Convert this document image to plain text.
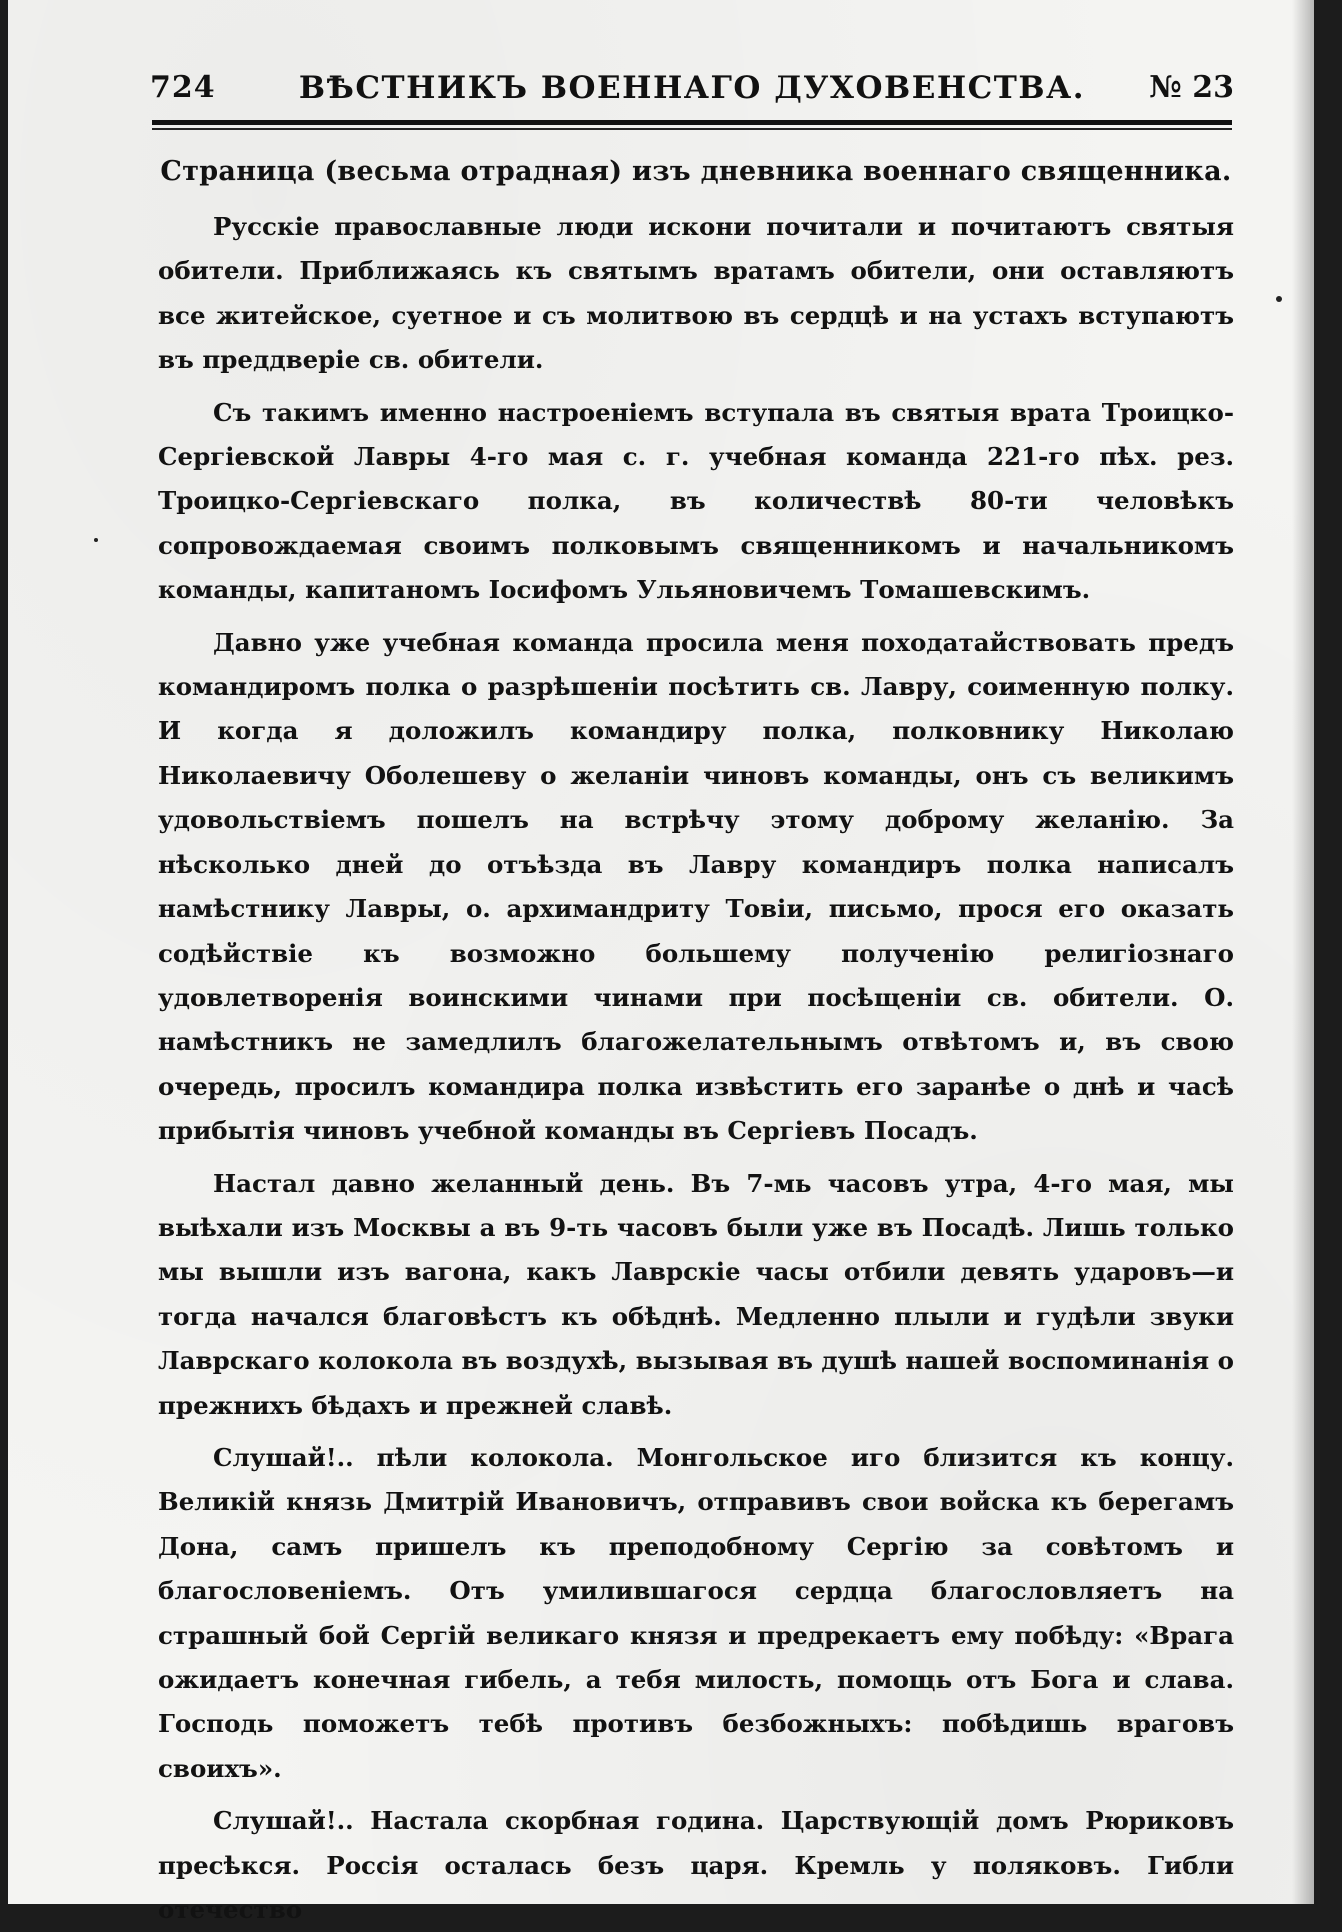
724	ВѢСТНИКЪ ВОЕННАГО ДУХОВЕНСТВА.	№ 23
Страница (весьма отрадная) изъ дневника военнаго священника.

Русскіе православные люди искони почитали и почитаютъ святыя обители. Приближаясь къ святымъ вратамъ обители, они оставляютъ все житейское, суетное и съ молитвою въ сердцѣ и на устахъ вступаютъ въ преддверіе св. обители.

Съ такимъ именно настроеніемъ вступала въ святыя врата Троицко-Сергіевской Лавры 4-го мая с. г. учебная команда 221-го пѣх. рез. Троицко-Сергіевскаго полка, въ количествѣ 80-ти человѣкъ сопровождаемая своимъ полковымъ священникомъ и начальникомъ команды, капитаномъ Іосифомъ Ульяновичемъ Томашевскимъ.

Давно уже учебная команда просила меня походатайствовать предъ командиромъ полка о разрѣшеніи посѣтить св. Лавру, соименную полку. И когда я доложилъ командиру полка, полковнику Николаю Николаевичу Оболешеву о желаніи чиновъ команды, онъ съ великимъ удовольствіемъ пошелъ на встрѣчу этому доброму желанію. За нѣсколько дней до отъѣзда въ Лавру командиръ полка написалъ намѣстнику Лавры, о. архимандриту Товіи, письмо, прося его оказать содѣйствіе къ возможно большему полученію религіознаго удовлетворенія воинскими чинами при посѣщеніи св. обители. О. намѣстникъ не замедлилъ благожелательнымъ отвѣтомъ и, въ свою очередь, просилъ командира полка извѣстить его заранѣе о днѣ и часѣ прибытія чиновъ учебной команды въ Сергіевъ Посадъ.

Настал давно желанный день. Въ 7-мь часовъ утра, 4-го мая, мы выѣхали изъ Москвы а въ 9-ть часовъ были уже въ Посадѣ. Лишь только мы вышли изъ вагона, какъ Лаврскіе часы отбили девять ударовъ—и тогда начался благовѣстъ къ обѣднѣ. Медленно плыли и гудѣли звуки Лаврскаго колокола въ воздухѣ, вызывая въ душѣ нашей воспоминанія о прежнихъ бѣдахъ и прежней славѣ.

Слушай!.. пѣли колокола. Монгольское иго близится къ концу. Великій князь Дмитрій Ивановичъ, отправивъ свои войска къ берегамъ Дона, самъ пришелъ къ преподобному Сергію за совѣтомъ и благословеніемъ. Отъ умилившагося сердца благословляетъ на страшный бой Сергій великаго князя и предрекаетъ ему побѣду: «Врага ожидаетъ конечная гибель, а тебя милость, помощь отъ Бога и слава. Господь поможетъ тебѣ противъ безбожныхъ: побѣдишь враговъ своихъ».

Слушай!.. Настала скорбная година. Царствующій домъ Рюриковъ пресѣкся. Россія осталась безъ царя. Кремль у поляковъ. Гибли отечество
